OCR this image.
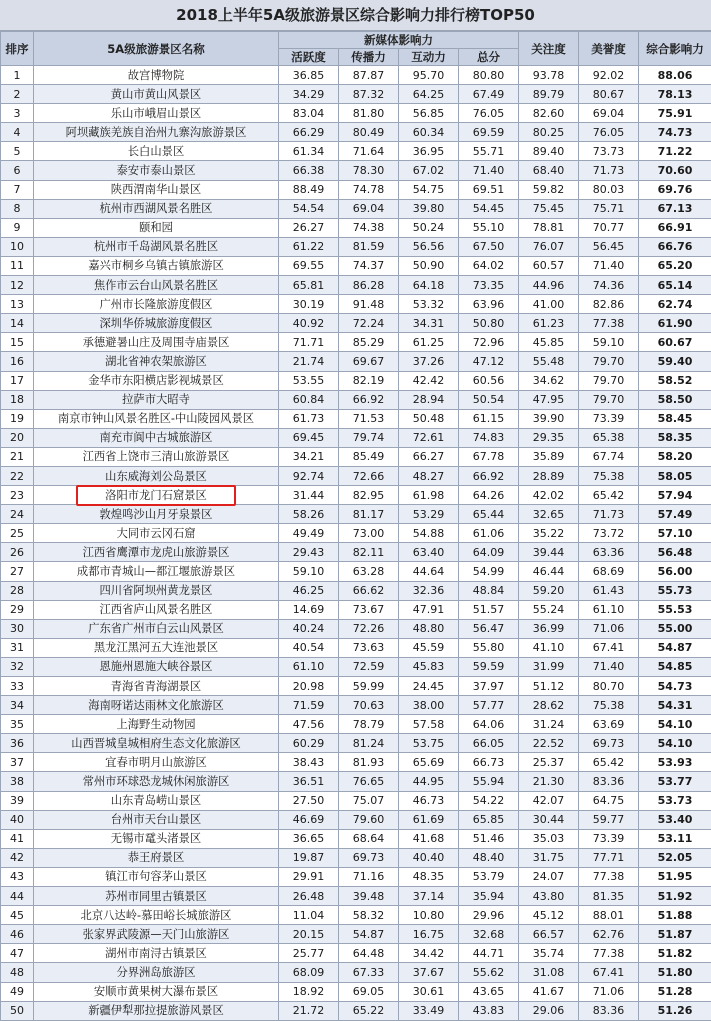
2018上半年5A级旅游景区综合影响力排行榜TOP50
排序	5A级旅游景区名称	新媒体影响力				关注度	美誉度	综合影响力
		活跃度	传播力	互动力	总分			
1	故宫博物院	36.85	87.87	95.70	80.80	93.78	92.02	88.06
2	黄山市黄山风景区	34.29	87.32	64.25	67.49	89.79	80.67	78.13
3	乐山市峨眉山景区	83.04	81.80	56.85	76.05	82.60	69.04	75.91
4	阿坝藏族羌族自治州九寨沟旅游景区	66.29	80.49	60.34	69.59	80.25	76.05	74.73
5	长白山景区	61.34	71.64	36.95	55.71	89.40	73.73	71.22
6	泰安市泰山景区	66.38	78.30	67.02	71.40	68.40	71.73	70.60
7	陕西渭南华山景区	88.49	74.78	54.75	69.51	59.82	80.03	69.76
8	杭州市西湖风景名胜区	54.54	69.04	39.80	54.45	75.45	75.71	67.13
9	颐和园	26.27	74.38	50.24	55.10	78.81	70.77	66.91
10	杭州市千岛湖风景名胜区	61.22	81.59	56.56	67.50	76.07	56.45	66.76
11	嘉兴市桐乡乌镇古镇旅游区	69.55	74.37	50.90	64.02	60.57	71.40	65.20
12	焦作市云台山风景名胜区	65.81	86.28	64.18	73.35	44.96	74.36	65.14
13	广州市长隆旅游度假区	30.19	91.48	53.32	63.96	41.00	82.86	62.74
14	深圳华侨城旅游度假区	40.92	72.24	34.31	50.80	61.23	77.38	61.90
15	承德避暑山庄及周围寺庙景区	71.71	85.29	61.25	72.96	45.85	59.10	60.67
16	湖北省神农架旅游区	21.74	69.67	37.26	47.12	55.48	79.70	59.40
17	金华市东阳横店影视城景区	53.55	82.19	42.42	60.56	34.62	79.70	58.52
18	拉萨市大昭寺	60.84	66.92	28.94	50.54	47.95	79.70	58.50
19	南京市钟山风景名胜区-中山陵园风景区	61.73	71.53	50.48	61.15	39.90	73.39	58.45
20	南充市阆中古城旅游区	69.45	79.74	72.61	74.83	29.35	65.38	58.35
21	江西省上饶市三清山旅游景区	34.21	85.49	66.27	67.78	35.89	67.74	58.20
22	山东威海刘公岛景区	92.74	72.66	48.27	66.92	28.89	75.38	58.05
23	洛阳市龙门石窟景区	31.44	82.95	61.98	64.26	42.02	65.42	57.94
24	敦煌鸣沙山月牙泉景区	58.26	81.17	53.29	65.44	32.65	71.73	57.49
25	大同市云冈石窟	49.49	73.00	54.88	61.06	35.22	73.72	57.10
26	江西省鹰潭市龙虎山旅游景区	29.43	82.11	63.40	64.09	39.44	63.36	56.48
27	成都市青城山—都江堰旅游景区	59.10	63.28	44.64	54.99	46.44	68.69	56.00
28	四川省阿坝州黄龙景区	46.25	66.62	32.36	48.84	59.20	61.43	55.73
29	江西省庐山风景名胜区	14.69	73.67	47.91	51.57	55.24	61.10	55.53
30	广东省广州市白云山风景区	40.24	72.26	48.80	56.47	36.99	71.06	55.00
31	黑龙江黑河五大连池景区	40.54	73.63	45.59	55.80	41.10	67.41	54.87
32	恩施州恩施大峡谷景区	61.10	72.59	45.83	59.59	31.99	71.40	54.85
33	青海省青海湖景区	20.98	59.99	24.45	37.97	51.12	80.70	54.73
34	海南呀诺达雨林文化旅游区	71.59	70.63	38.00	57.77	28.62	75.38	54.31
35	上海野生动物园	47.56	78.79	57.58	64.06	31.24	63.69	54.10
36	山西晋城皇城相府生态文化旅游区	60.29	81.24	53.75	66.05	22.52	69.73	54.10
37	宜春市明月山旅游区	38.43	81.93	65.69	66.73	25.37	65.42	53.93
38	常州市环球恐龙城休闲旅游区	36.51	76.65	44.95	55.94	21.30	83.36	53.77
39	山东青岛崂山景区	27.50	75.07	46.73	54.22	42.07	64.75	53.73
40	台州市天台山景区	46.69	79.60	61.69	65.85	30.44	59.77	53.40
41	无锡市鼋头渚景区	36.65	68.64	41.68	51.46	35.03	73.39	53.11
42	恭王府景区	19.87	69.73	40.40	48.40	31.75	77.71	52.05
43	镇江市句容茅山景区	29.91	71.16	48.35	53.79	24.07	77.38	51.95
44	苏州市同里古镇景区	26.48	39.48	37.14	35.94	43.80	81.35	51.92
45	北京八达岭-慕田峪长城旅游区	11.04	58.32	10.80	29.96	45.12	88.01	51.88
46	张家界武陵源—天门山旅游区	20.15	54.87	16.75	32.68	66.57	62.76	51.87
47	湖州市南浔古镇景区	25.77	64.48	34.42	44.71	35.74	77.38	51.82
48	分界洲岛旅游区	68.09	67.33	37.67	55.62	31.08	67.41	51.80
49	安顺市黄果树大瀑布景区	18.92	69.05	30.61	43.65	41.67	71.06	51.28
50	新疆伊犁那拉提旅游风景区	21.72	65.22	33.49	43.83	29.06	83.36	51.26
